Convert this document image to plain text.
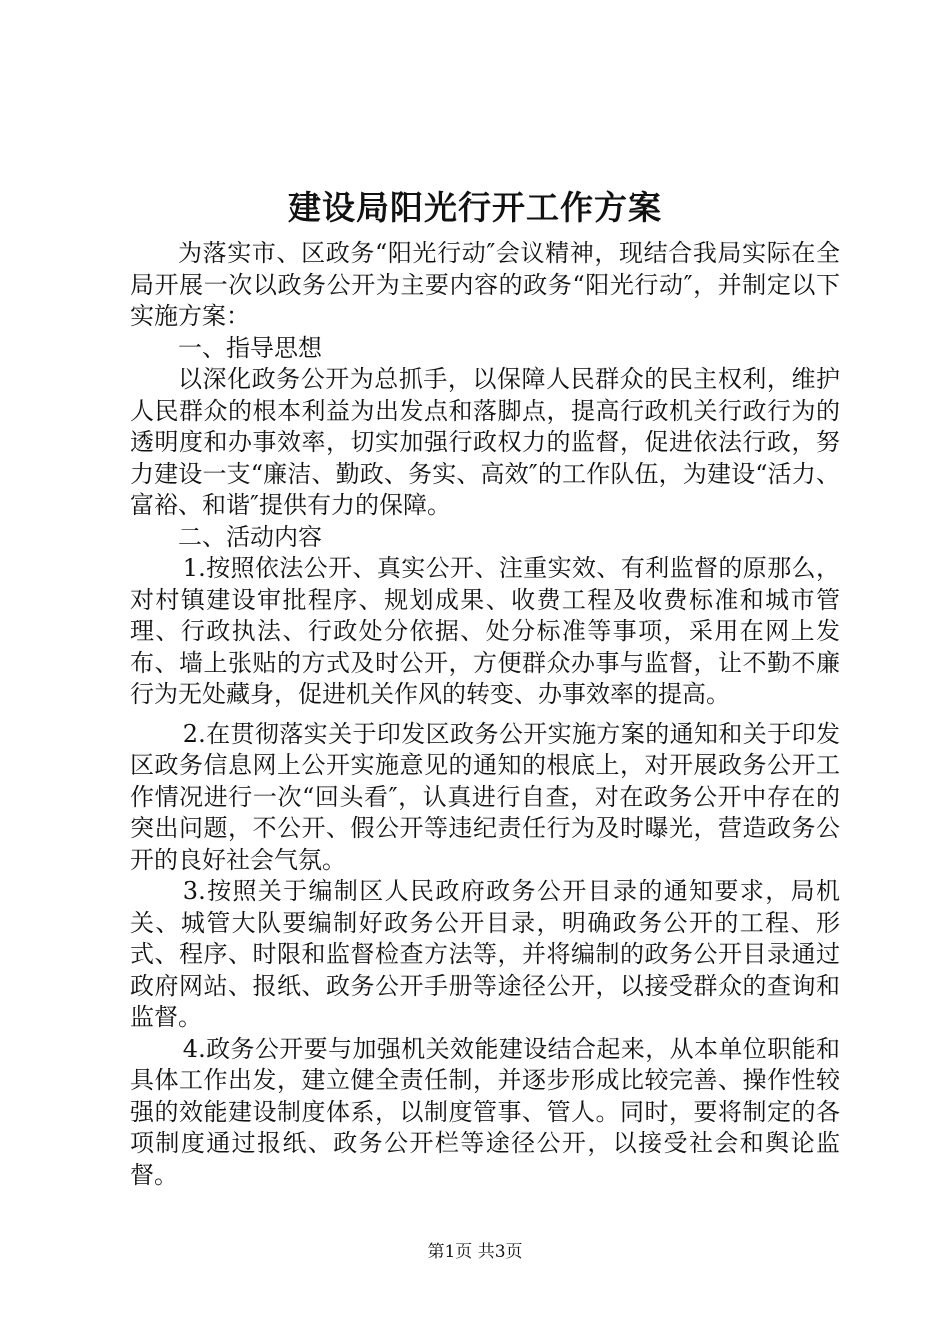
建设局阳光行开工作方案

为落实市、区政务“阳光行动″会议精神，现结合我局实际在全局开展一次以政务公开为主要内容的政务“阳光行动″，并制定以下实施方案：

一、指导思想

以深化政务公开为总抓手，以保障人民群众的民主权利，维护人民群众的根本利益为出发点和落脚点，提高行政机关行政行为的透明度和办事效率，切实加强行政权力的监督，促进依法行政，努力建设一支“廉洁、勤政、务实、高效″的工作队伍，为建设“活力、富裕、和谐″提供有力的保障。

二、活动内容

1.按照依法公开、真实公开、注重实效、有利监督的原那么，对村镇建设审批程序、规划成果、收费工程及收费标准和城市管理、行政执法、行政处分依据、处分标准等事项，采用在网上发布、墙上张贴的方式及时公开，方便群众办事与监督，让不勤不廉行为无处藏身，促进机关作风的转变、办事效率的提高。

2.在贯彻落实关于印发区政务公开实施方案的通知和关于印发区政务信息网上公开实施意见的通知的根底上，对开展政务公开工作情况进行一次“回头看″，认真进行自查，对在政务公开中存在的突出问题，不公开、假公开等违纪责任行为及时曝光，营造政务公开的良好社会气氛。

3.按照关于编制区人民政府政务公开目录的通知要求，局机关、城管大队要编制好政务公开目录，明确政务公开的工程、形式、程序、时限和监督检查方法等，并将编制的政务公开目录通过政府网站、报纸、政务公开手册等途径公开，以接受群众的查询和监督。

4.政务公开要与加强机关效能建设结合起来，从本单位职能和具体工作出发，建立健全责任制，并逐步形成比较完善、操作性较强的效能建设制度体系，以制度管事、管人。同时，要将制定的各项制度通过报纸、政务公开栏等途径公开，以接受社会和舆论监督。

第1页 共3页
